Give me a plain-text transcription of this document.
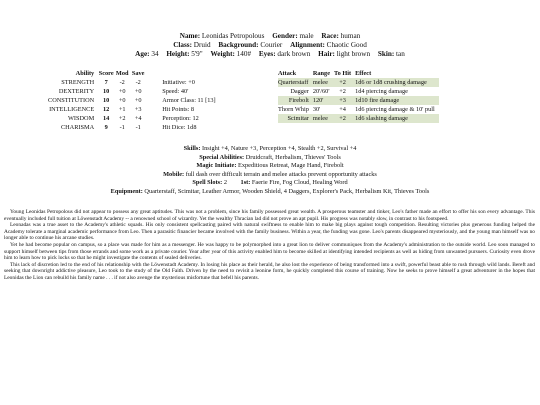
Name: Leonidas Petropolous Gender: male Race: human
Class: Druid Background: Courier Alignment: Chaotic Good
Age: 34 Height: 5'9" Weight: 140# Eyes: dark brown Hair: light brown Skin: tan
Ability	Score	Mod	Save	
STRENGTH	7	-2	-2	Initiative: +0
DEXTERITY	10	+0	+0	Speed: 40'
CONSTITUTION	10	+0	+0	Armor Class: 11 [13]
INTELLIGENCE	12	+1	+3	Hit Points: 8
WISDOM	14	+2	+4	Perception: 12
CHARISMA	9	-1	-1	Hit Dice: 1d8
Attack	Range	To Hit	Effect
Quarterstaff	melee	+2	1d6 or 1d8 crushing damage
Dagger	20'/60'	+2	1d4 piercing damage
Firebolt	120'	+3	1d10 fire damage
Thorn Whip	30'	+4	1d6 piercing damage & 10' pull
Scimitar	melee	+2	1d6 slashing damage
Skills: Insight +4, Nature +3, Perception +4, Stealth +2, Survival +4
Special Abilities: Druidcraft, Herbalism, Thieves' Tools
Magic Initiate: Expeditious Retreat, Mage Hand, Firebolt
Mobile: full dash over difficult terrain and melee attacks prevent opportunity attacks
Spell Slots: 2 1st: Faerie Fire, Fog Cloud, Healing Word
Equipment: Quarterstaff, Scimitar, Leather Armor, Wooden Shield, 4 Daggers, Explorer's Pack, Herbalism Kit, Thieves Tools

Young Leonidas Petropolous did not appear to possess any great aptitudes. This was not a problem, since his family possessed great wealth. A prosperous teamster and tinker, Leo's father made an effort to offer his son every advantage. This eventually included full tuition at Löwenstadt Academy -- a renowned school of wizardry. Yet the wealthy Thracian lad did not prove an apt pupil. His progress was notably slow, in contrast to his footspeed.

Leonadas was a true asset to the Academy's athletic squads. His only consistent spellcasting paired with natural swiftness to enable him to make big plays against tough competition. Resulting victories plus generous funding helped the Academy tolerate a marginal academic performance from Leo. Then a parasitic financier became involved with the family business. Within a year, the funding was gone. Leo's parents disappeared mysteriously, and the young man himself was no longer able to continue his arcane studies.

Yet he had become popular on campus, so a place was made for him as a messenger. He was happy to be polymorphed into a great lion to deliver communiques from the Academy's administration to the outside world. Leo soon managed to support himself between tips from those errands and some work as a private courier. Year after year of this activity enabled him to become skilled at identifying intended recipients as well as hiding from unwanted pursuers. Curiosity even drove him to learn how to pick locks so that he might investigate the contents of sealed deliveries.

This lack of discretion led to the end of his relationship with the Löwenstadt Academy. In losing his place as their herald, he also lost the experience of being transformed into a swift, powerful beast able to rush through wild lands. Bereft and seeking that downright addictive pleasure, Leo took to the study of the Old Faith. Driven by the need to revisit a leonine form, he quickly completed this course of training. Now he seeks to prove himself a great adventurer in the hopes that Leonidas the Lion can rebuild his family name . . . if not also avenge the mysterious misfortune that befell his parents.
